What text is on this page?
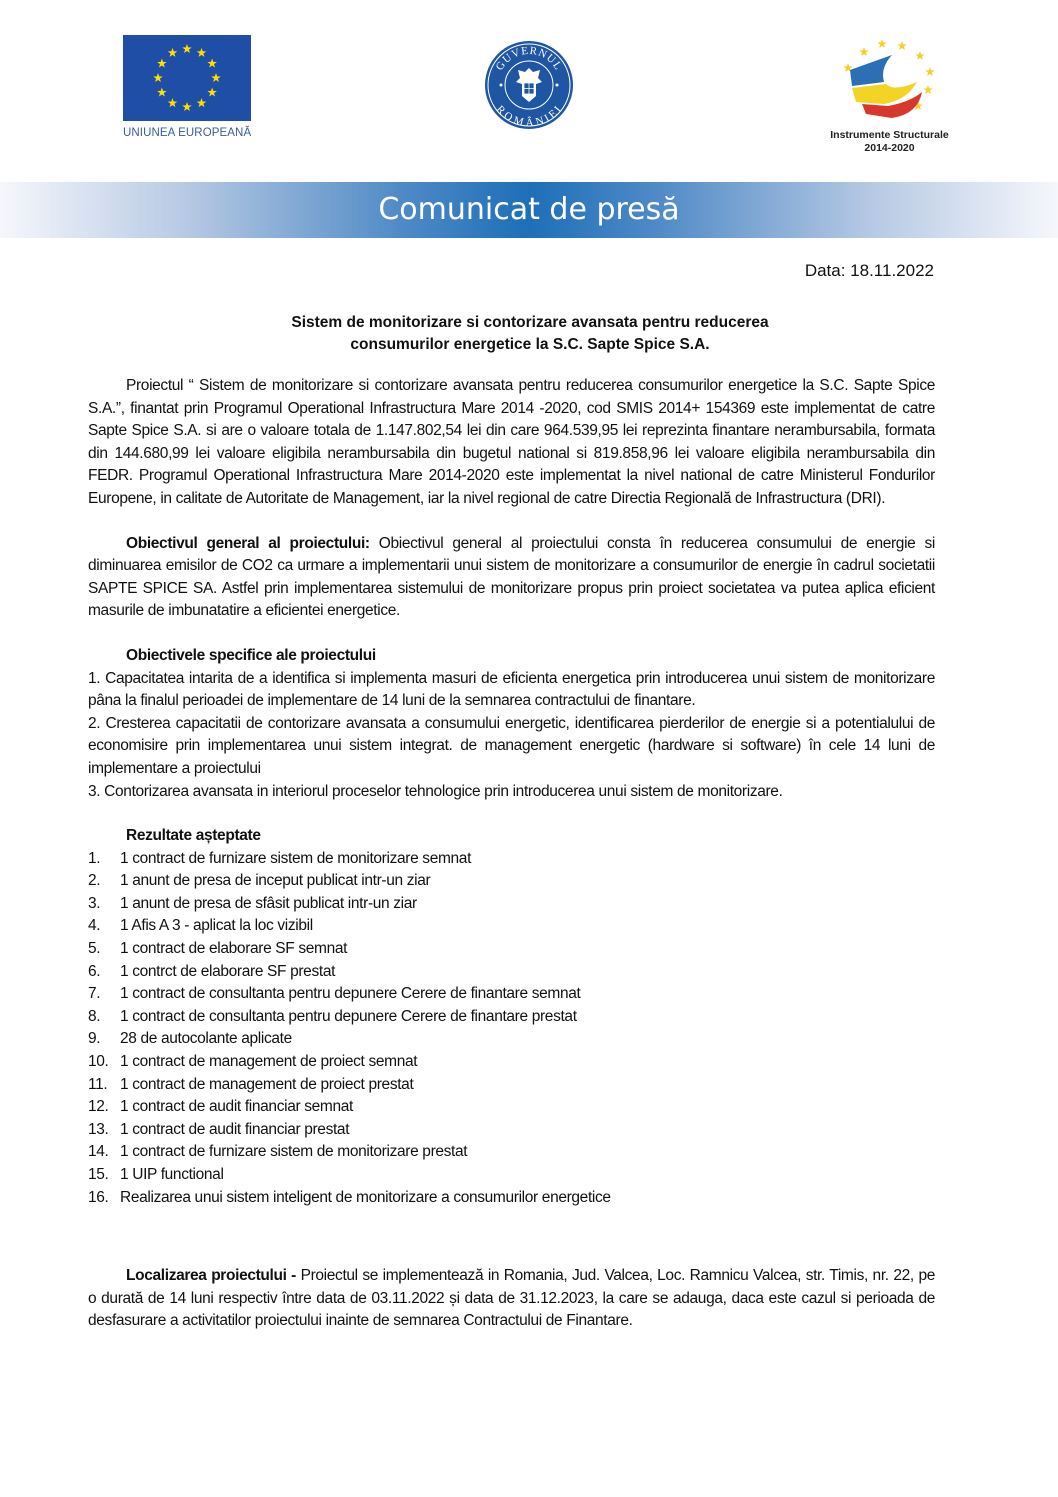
UNIUNEA EUROPEANĂ
GUVERNUL
ROMÂNIEI
Instrumente Structurale
2014-2020
Comunicat de presă
Data: 18.11.2022
Sistem de monitorizare si contorizare avansata pentru reducerea
consumurilor energetice la S.C. Sapte Spice S.A.

Proiectul “ Sistem de monitorizare si contorizare avansata pentru reducerea consumurilor energetice la S.C. Sapte Spice S.A.”, finantat prin Programul Operational Infrastructura Mare 2014 -2020, cod SMIS 2014+ 154369 este implementat de catre Sapte Spice S.A. si are o valoare totala de 1.147.802,54 lei din care 964.539,95 lei reprezinta finantare nerambursabila, formata din 144.680,99 lei valoare eligibila nerambursabila din bugetul national si 819.858,96 lei valoare eligibila nerambursabila din FEDR. Programul Operational Infrastructura Mare 2014-2020 este implementat la nivel national de catre Ministerul Fondurilor Europene, in calitate de Autoritate de Management, iar la nivel regional de catre Directia Regională de Infrastructura (DRI).

Obiectivul general al proiectului: Obiectivul general al proiectului consta în reducerea consumului de energie si diminuarea emisilor de CO2 ca urmare a implementarii unui sistem de monitorizare a consumurilor de energie în cadrul societatii SAPTE SPICE SA. Astfel prin implementarea sistemului de monitorizare propus prin proiect societatea va putea aplica eficient masurile de imbunatatire a eficientei energetice.

Obiectivele specifice ale proiectului

1. Capacitatea intarita de a identifica si implementa masuri de eficienta energetica prin introducerea unui sistem de monitorizare pâna la finalul perioadei de implementare de 14 luni de la semnarea contractului de finantare.

2. Cresterea capacitatii de contorizare avansata a consumului energetic, identificarea pierderilor de energie si a potentialului de economisire prin implementarea unui sistem integrat. de management energetic (hardware si software) în cele 14 luni de implementare a proiectului

3. Contorizarea avansata in interiorul proceselor tehnologice prin introducerea unui sistem de monitorizare.

Rezultate așteptate

1.	1 contract de furnizare sistem de monitorizare semnat
2.	1 anunt de presa de inceput publicat intr-un ziar
3.	1 anunt de presa de sfâsit publicat intr-un ziar
4.	1 Afis A 3 - aplicat la loc vizibil
5.	1 contract de elaborare SF semnat
6.	1 contrct de elaborare SF prestat
7.	1 contract de consultanta pentru depunere Cerere de finantare semnat
8.	1 contract de consultanta pentru depunere Cerere de finantare prestat
9.	28 de autocolante aplicate
10. 1 contract de management de proiect semnat
11. 1 contract de management de proiect prestat
12. 1 contract de audit financiar semnat
13. 1 contract de audit financiar prestat
14. 1 contract de furnizare sistem de monitorizare prestat
15. 1 UIP functional
16. Realizarea unui sistem inteligent de monitorizare a consumurilor energetice

Localizarea proiectului - Proiectul se implementează in Romania, Jud. Valcea, Loc. Ramnicu Valcea, str. Timis, nr. 22, pe o durată de 14 luni respectiv între data de 03.11.2022 și data de 31.12.2023, la care se adauga, daca este cazul si perioada de desfasurare a activitatilor proiectului inainte de semnarea Contractului de Finantare.
